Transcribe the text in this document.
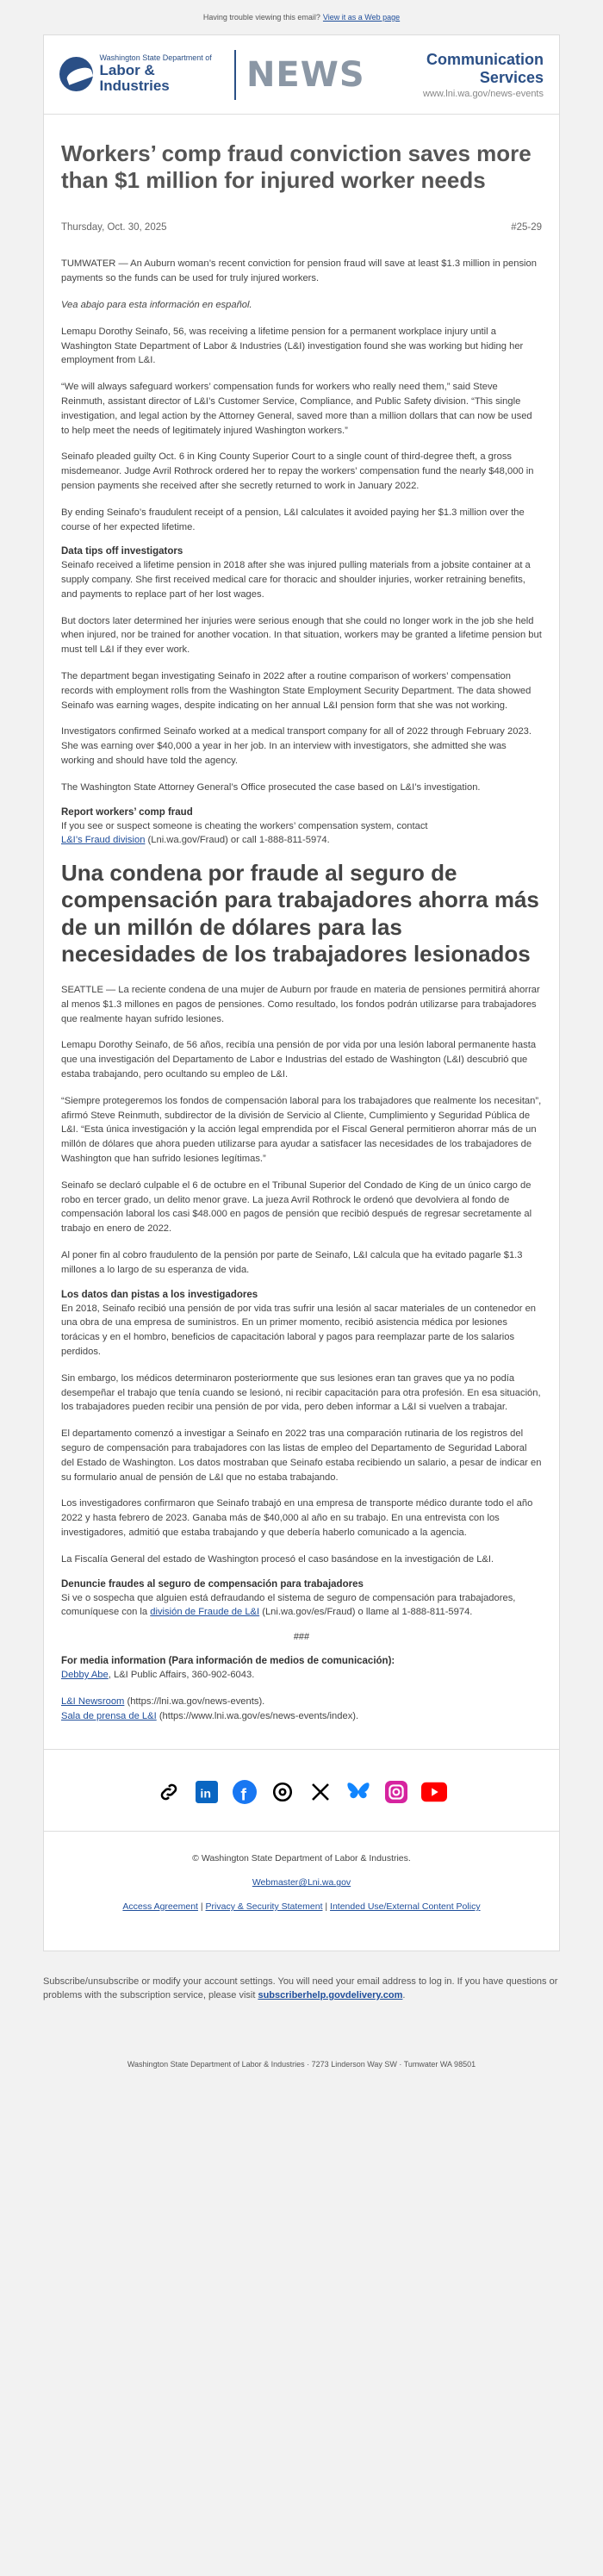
Having trouble viewing this email? View it as a Web page
Washington State Department of
Labor & Industries	NEWS	Communication Services
www.lni.wa.gov/news-events
Workers’ comp fraud conviction saves more than $1 million for injured worker needs
Thursday, Oct. 30, 2025	#25-29

TUMWATER — An Auburn woman’s recent conviction for pension fraud will save at least $1.3 million in pension payments so the funds can be used for truly injured workers.

Vea abajo para esta información en español.

Lemapu Dorothy Seinafo, 56, was receiving a lifetime pension for a permanent workplace injury until a Washington State Department of Labor & Industries (L&I) investigation found she was working but hiding her employment from L&I.

“We will always safeguard workers’ compensation funds for workers who really need them,” said Steve Reinmuth, assistant director of L&I’s Customer Service, Compliance, and Public Safety division. “This single investigation, and legal action by the Attorney General, saved more than a million dollars that can now be used to help meet the needs of legitimately injured Washington workers.”

Seinafo pleaded guilty Oct. 6 in King County Superior Court to a single count of third-degree theft, a gross misdemeanor. Judge Avril Rothrock ordered her to repay the workers’ compensation fund the nearly $48,000 in pension payments she received after she secretly returned to work in January 2022.

By ending Seinafo’s fraudulent receipt of a pension, L&I calculates it avoided paying her $1.3 million over the course of her expected lifetime.

Data tips off investigators

Seinafo received a lifetime pension in 2018 after she was injured pulling materials from a jobsite container at a supply company. She first received medical care for thoracic and shoulder injuries, worker retraining benefits, and payments to replace part of her lost wages.

But doctors later determined her injuries were serious enough that she could no longer work in the job she held when injured, nor be trained for another vocation. In that situation, workers may be granted a lifetime pension but must tell L&I if they ever work.

The department began investigating Seinafo in 2022 after a routine comparison of workers’ compensation records with employment rolls from the Washington State Employment Security Department. The data showed Seinafo was earning wages, despite indicating on her annual L&I pension form that she was not working.

Investigators confirmed Seinafo worked at a medical transport company for all of 2022 through February 2023. She was earning over $40,000 a year in her job. In an interview with investigators, she admitted she was working and should have told the agency.

The Washington State Attorney General’s Office prosecuted the case based on L&I’s investigation.

Report workers’ comp fraud

If you see or suspect someone is cheating the workers’ compensation system, contact
L&I’s Fraud division (Lni.wa.gov/Fraud) or call 1-888-811-5974.

Una condena por fraude al seguro de compensación para trabajadores ahorra más de un millón de dólares para las necesidades de los trabajadores lesionados

SEATTLE — La reciente condena de una mujer de Auburn por fraude en materia de pensiones permitirá ahorrar al menos $1.3 millones en pagos de pensiones. Como resultado, los fondos podrán utilizarse para trabajadores que realmente hayan sufrido lesiones.

Lemapu Dorothy Seinafo, de 56 años, recibía una pensión de por vida por una lesión laboral permanente hasta que una investigación del Departamento de Labor e Industrias del estado de Washington (L&I) descubrió que estaba trabajando, pero ocultando su empleo de L&I.

“Siempre protegeremos los fondos de compensación laboral para los trabajadores que realmente los necesitan”, afirmó Steve Reinmuth, subdirector de la división de Servicio al Cliente, Cumplimiento y Seguridad Pública de L&I. “Esta única investigación y la acción legal emprendida por el Fiscal General permitieron ahorrar más de un millón de dólares que ahora pueden utilizarse para ayudar a satisfacer las necesidades de los trabajadores de Washington que han sufrido lesiones legítimas.”

Seinafo se declaró culpable el 6 de octubre en el Tribunal Superior del Condado de King de un único cargo de robo en tercer grado, un delito menor grave. La jueza Avril Rothrock le ordenó que devolviera al fondo de compensación laboral los casi $48.000 en pagos de pensión que recibió después de regresar secretamente al trabajo en enero de 2022.

Al poner fin al cobro fraudulento de la pensión por parte de Seinafo, L&I calcula que ha evitado pagarle $1.3 millones a lo largo de su esperanza de vida.

Los datos dan pistas a los investigadores

En 2018, Seinafo recibió una pensión de por vida tras sufrir una lesión al sacar materiales de un contenedor en una obra de una empresa de suministros. En un primer momento, recibió asistencia médica por lesiones torácicas y en el hombro, beneficios de capacitación laboral y pagos para reemplazar parte de los salarios perdidos.

Sin embargo, los médicos determinaron posteriormente que sus lesiones eran tan graves que ya no podía desempeñar el trabajo que tenía cuando se lesionó, ni recibir capacitación para otra profesión. En esa situación, los trabajadores pueden recibir una pensión de por vida, pero deben informar a L&I si vuelven a trabajar.

El departamento comenzó a investigar a Seinafo en 2022 tras una comparación rutinaria de los registros del seguro de compensación para trabajadores con las listas de empleo del Departamento de Seguridad Laboral del Estado de Washington. Los datos mostraban que Seinafo estaba recibiendo un salario, a pesar de indicar en su formulario anual de pensión de L&I que no estaba trabajando.

Los investigadores confirmaron que Seinafo trabajó en una empresa de transporte médico durante todo el año 2022 y hasta febrero de 2023. Ganaba más de $40,000 al año en su trabajo. En una entrevista con los investigadores, admitió que estaba trabajando y que debería haberlo comunicado a la agencia.

La Fiscalía General del estado de Washington procesó el caso basándose en la investigación de L&I.

Denuncie fraudes al seguro de compensación para trabajadores

Si ve o sospecha que alguien está defraudando el sistema de seguro de compensación para trabajadores, comuníquese con la división de Fraude de L&I (Lni.wa.gov/es/Fraud) o llame al 1-888-811-5974.

###
For media information (Para información de medios de comunicación):

Debby Abe, L&I Public Affairs, 360-902-6043.

L&I Newsroom (https://lni.wa.gov/news-events).

Sala de prensa de L&I (https://www.lni.wa.gov/es/news-events/index).

in f

© Washington State Department of Labor & Industries.

Webmaster@Lni.wa.gov

Access Agreement | Privacy & Security Statement | Intended Use/External Content Policy

Subscribe/unsubscribe or modify your account settings. You will need your email address to log in. If you have questions or problems with the subscription service, please visit subscriberhelp.govdelivery.com.
Washington State Department of Labor & Industries · 7273 Linderson Way SW · Tumwater WA 98501
